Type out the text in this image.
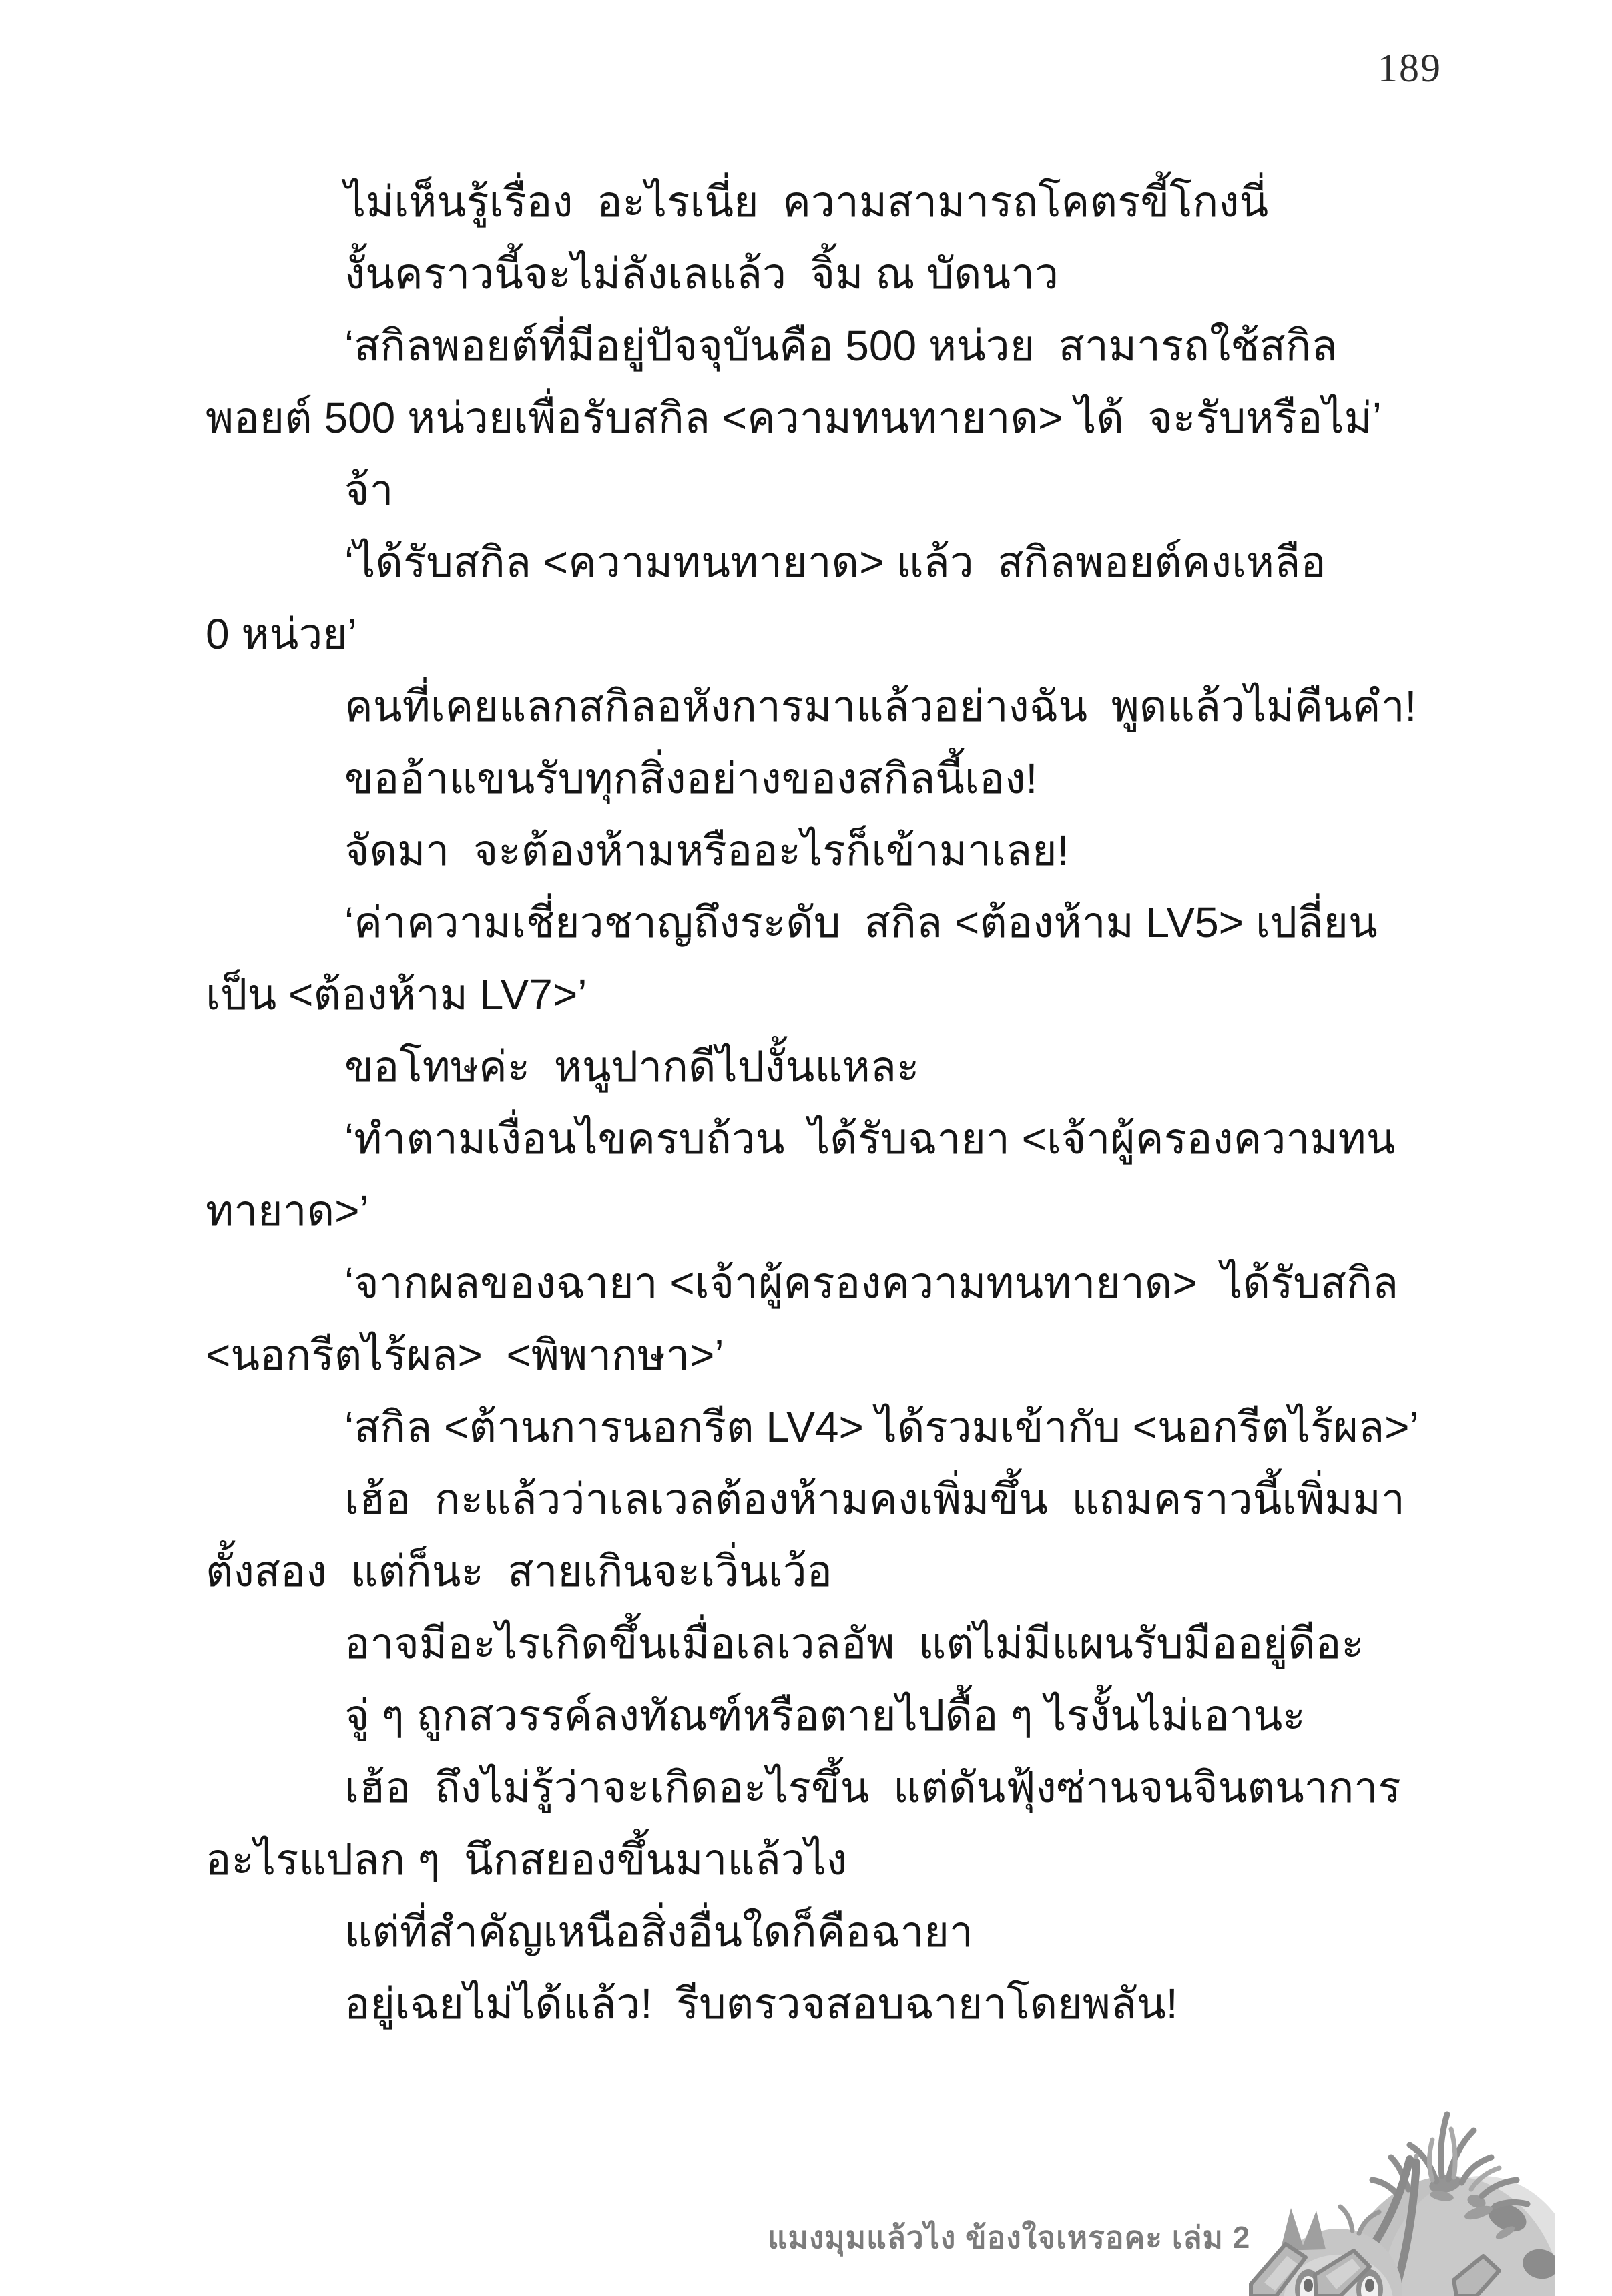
189
ไม่เห็นรู้เรื่อง  อะไรเนี่ย  ความสามารถโคตรขี้โกงนี่
งั้นคราวนี้จะไม่ลังเลแล้ว  จิ้ม ณ บัดนาว
‘สกิลพอยต์ที่มีอยู่ปัจจุบันคือ 500 หน่วย  สามารถใช้สกิล
พอยต์ 500 หน่วยเพื่อรับสกิล <ความทนทายาด> ได้  จะรับหรือไม่’
จ้า
‘ได้รับสกิล <ความทนทายาด> แล้ว  สกิลพอยต์คงเหลือ
0 หน่วย’
คนที่เคยแลกสกิลอหังการมาแล้วอย่างฉัน  พูดแล้วไม่คืนคำ!
ขออ้าแขนรับทุกสิ่งอย่างของสกิลนี้เอง!
จัดมา  จะต้องห้ามหรืออะไรก็เข้ามาเลย!
‘ค่าความเชี่ยวชาญถึงระดับ  สกิล <ต้องห้าม LV5> เปลี่ยน
เป็น <ต้องห้าม LV7>’
ขอโทษค่ะ  หนูปากดีไปงั้นแหละ
‘ทำตามเงื่อนไขครบถ้วน  ได้รับฉายา <เจ้าผู้ครองความทน
ทายาด>’
‘จากผลของฉายา <เจ้าผู้ครองความทนทายาด>  ได้รับสกิล
<นอกรีตไร้ผล>  <พิพากษา>’
‘สกิล <ต้านการนอกรีต LV4> ได้รวมเข้ากับ <นอกรีตไร้ผล>’
เฮ้อ  กะแล้วว่าเลเวลต้องห้ามคงเพิ่มขึ้น  แถมคราวนี้เพิ่มมา
ตั้งสอง  แต่ก็นะ  สายเกินจะเวิ่นเว้อ
อาจมีอะไรเกิดขึ้นเมื่อเลเวลอัพ  แต่ไม่มีแผนรับมืออยู่ดีอะ
จู่ ๆ ถูกสวรรค์ลงทัณฑ์หรือตายไปดื้อ ๆ ไรงั้นไม่เอานะ
เฮ้อ  ถึงไม่รู้ว่าจะเกิดอะไรขึ้น  แต่ดันฟุ้งซ่านจนจินตนาการ
อะไรแปลก ๆ  นึกสยองขึ้นมาแล้วไง
แต่ที่สำคัญเหนือสิ่งอื่นใดก็คือฉายา
อยู่เฉยไม่ได้แล้ว!  รีบตรวจสอบฉายาโดยพลัน!
แมงมุมแล้วไง ข้องใจเหรอคะ เล่ม 2
